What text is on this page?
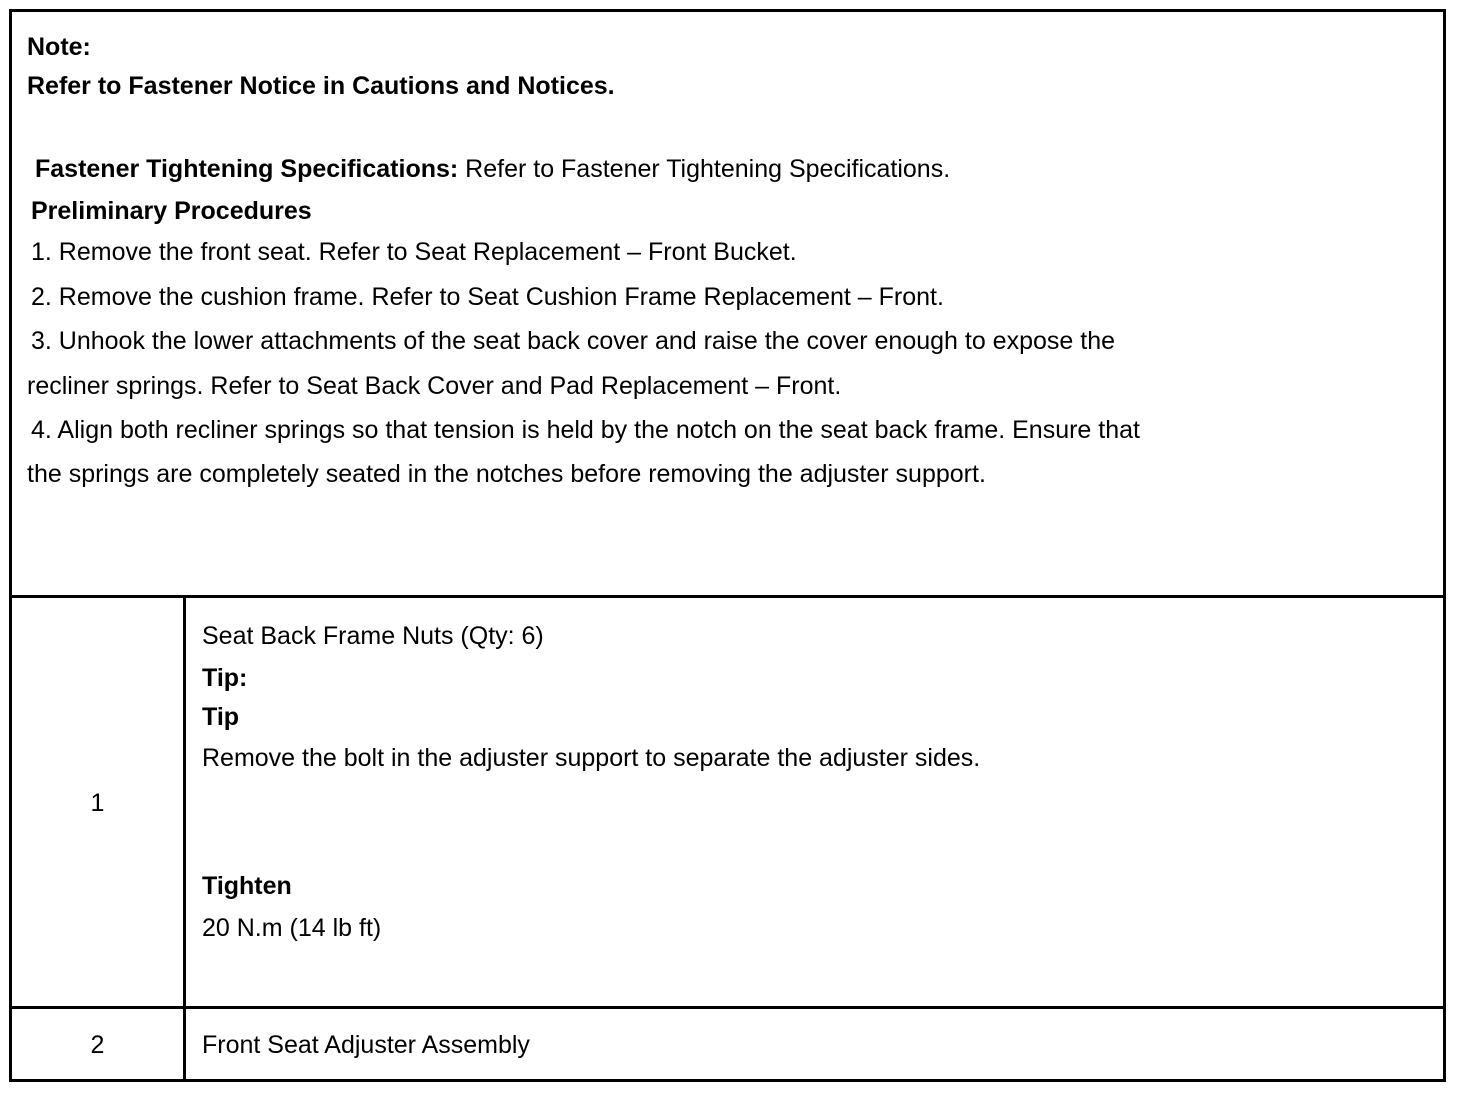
Note:
Refer to Fastener Notice in Cautions and Notices.
Fastener Tightening Specifications: Refer to Fastener Tightening Specifications.
Preliminary Procedures
1. Remove the front seat. Refer to Seat Replacement – Front Bucket.
2. Remove the cushion frame. Refer to Seat Cushion Frame Replacement – Front.
3. Unhook the lower attachments of the seat back cover and raise the cover enough to expose the
recliner springs. Refer to Seat Back Cover and Pad Replacement – Front.
4. Align both recliner springs so that tension is held by the notch on the seat back frame. Ensure that
the springs are completely seated in the notches before removing the adjuster support.
1
Seat Back Frame Nuts (Qty: 6)
Tip:
Tip
Remove the bolt in the adjuster support to separate the adjuster sides.
Tighten
20 N.m (14 lb ft)
2	Front Seat Adjuster Assembly
